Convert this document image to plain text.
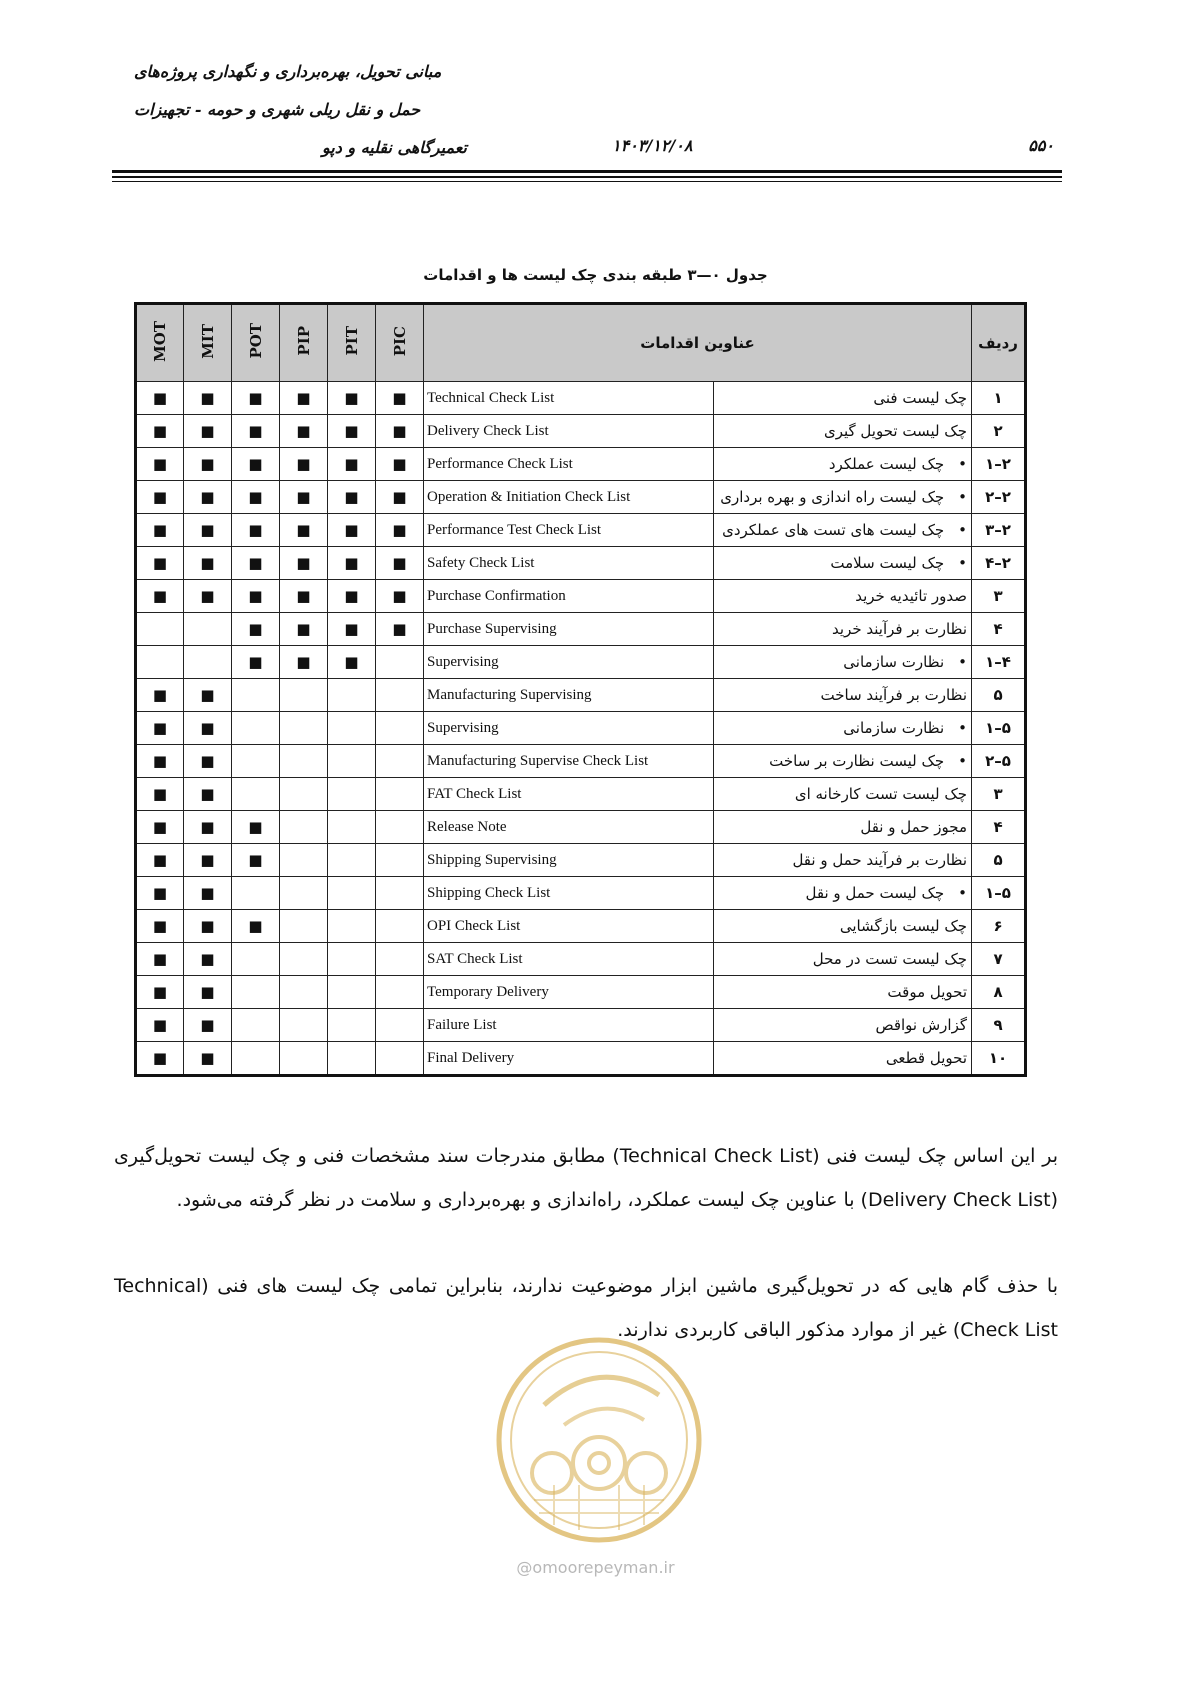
مبانی تحویل، بهره‌برداری و نگهداری پروژه‌های
حمل و نقل ریلی شهری و حومه - تجهیزات
تعمیرگاهی نقلیه و دپو	۱۴۰۳/۱۲/۰۸	۵۵۰
جدول ۰—۳ طبقه بندی چک لیست ها و اقدامات
MOT	MIT	POT	PIP	PIT	PIC	عناوین اقدامات		ردیف
■	■	■	■	■	■	Technical Check List	چک لیست فنی	۱
■	■	■	■	■	■	Delivery Check List	چک لیست تحویل گیری	۲
■	■	■	■	■	■	Performance Check List	•چک لیست عملکرد	۲–۱
■	■	■	■	■	■	Operation & Initiation Check List	•چک لیست راه اندازی و بهره برداری	۲–۲
■	■	■	■	■	■	Performance Test Check List	•چک لیست های تست های عملکردی	۲–۳
■	■	■	■	■	■	Safety Check List	•چک لیست سلامت	۲–۴
■	■	■	■	■	■	Purchase Confirmation	صدور تائیدیه خرید	۳
		■	■	■	■	Purchase Supervising	نظارت بر فرآیند خرید	۴
		■	■	■		Supervising	•نظارت سازمانی	۴–۱
■	■					Manufacturing Supervising	نظارت بر فرآیند ساخت	۵
■	■					Supervising	•نظارت سازمانی	۵–۱
■	■					Manufacturing Supervise Check List	•چک لیست نظارت بر ساخت	۵–۲
■	■					FAT Check List	چک لیست تست کارخانه ای	۳
■	■	■				Release Note	مجوز حمل و نقل	۴
■	■	■				Shipping Supervising	نظارت بر فرآیند حمل و نقل	۵
■	■					Shipping Check List	•چک لیست حمل و نقل	۵–۱
■	■	■				OPI Check List	چک لیست بازگشایی	۶
■	■					SAT Check List	چک لیست تست در محل	۷
■	■					Temporary Delivery	تحویل موقت	۸
■	■					Failure List	گزارش نواقص	۹
■	■					Final Delivery	تحویل قطعی	۱۰
بر این اساس چک لیست فنی (Technical Check List) مطابق مندرجات سند مشخصات فنی و چک لیست تحویل‌گیری (Delivery Check List) با عناوین چک لیست عملکرد، راه‌اندازی و بهره‌برداری و سلامت در نظر گرفته می‌شود.
با حذف گام هایی که در تحویل‌گیری ماشین ابزار موضوعیت ندارند، بنابراین تمامی چک لیست های فنی (Technical Check List) غیر از موارد مذکور الباقی کاربردی ندارند.
@omoorepeyman.ir
